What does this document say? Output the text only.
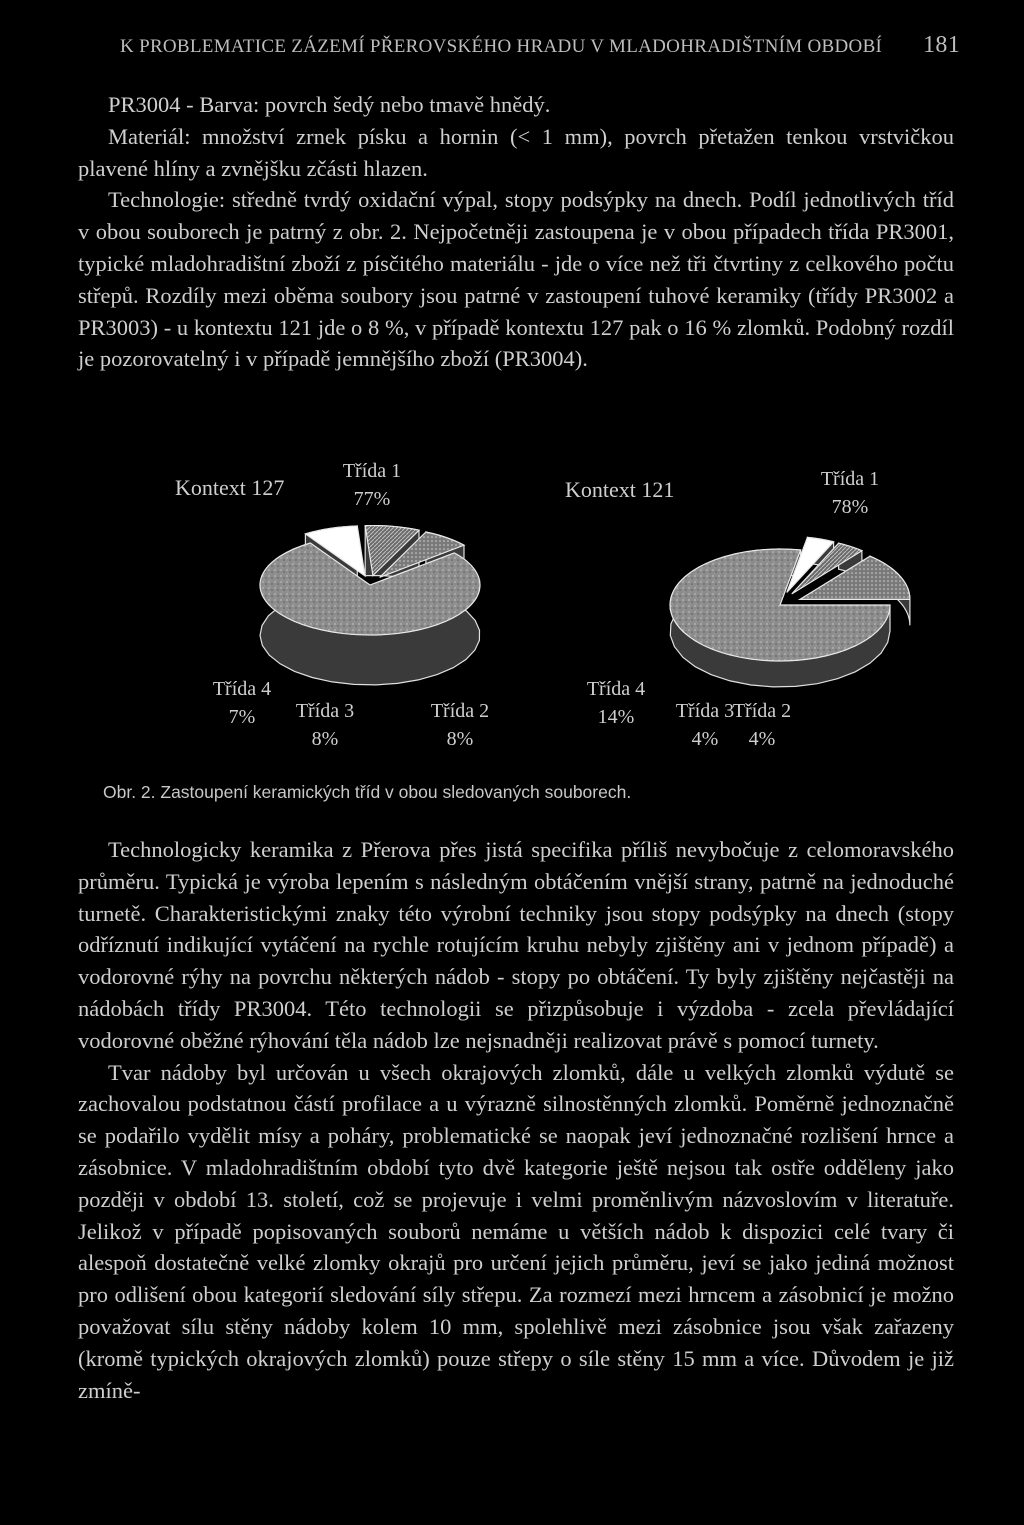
K PROBLEMATICE ZÁZEMÍ PŘEROVSKÉHO HRADU V MLADOHRADIŠTNÍM OBDOBÍ 181

PR3004 - Barva: povrch šedý nebo tmavě hnědý.

Materiál: množství zrnek písku a hornin (< 1 mm), povrch přetažen tenkou vrstvičkou plavené hlíny a zvnějšku zčásti hlazen.

Technologie: středně tvrdý oxidační výpal, stopy podsýpky na dnech. Podíl jednotlivých tříd v obou souborech je patrný z obr. 2. Nejpočetněji zastoupena je v obou případech třída PR3001, typické mladohradištní zboží z písčitého materiálu - jde o více než tři čtvrtiny z celkového počtu střepů. Rozdíly mezi oběma soubory jsou patrné v zastoupení tuhové keramiky (třídy PR3002 a PR3003) - u kontextu 121 jde o 8 %, v případě kontextu 127 pak o 16 % zlomků. Podobný rozdíl je pozorovatelný i v případě jemnějšího zboží (PR3004).

Kontext 127
Třída 1
77%
Třída 2
8%
Třída 3
8%
Třída 4
7%
Kontext 121	Třída 1
78%
Třída 2
4%
Třída 3
4%
Třída 4
14%
Obr. 2. Zastoupení keramických tříd v obou sledovaných souborech.

Technologicky keramika z Přerova přes jistá specifika příliš nevybočuje z celomoravského průměru. Typická je výroba lepením s následným obtáčením vnější strany, patrně na jednoduché turnetě. Charakteristickými znaky této výrobní techniky jsou stopy podsýpky na dnech (stopy odříznutí indikující vytáčení na rychle rotujícím kruhu nebyly zjištěny ani v jednom případě) a vodorovné rýhy na povrchu některých nádob - stopy po obtáčení. Ty byly zjištěny nejčastěji na nádobách třídy PR3004. Této technologii se přizpůsobuje i výzdoba - zcela převládající vodorovné oběžné rýhování těla nádob lze nejsnadněji realizovat právě s pomocí turnety.

Tvar nádoby byl určován u všech okrajových zlomků, dále u velkých zlomků výdutě se zachovalou podstatnou částí profilace a u výrazně silnostěnných zlomků. Poměrně jednoznačně se podařilo vydělit mísy a poháry, problematické se naopak jeví jednoznačné rozlišení hrnce a zásobnice. V mladohradištním období tyto dvě kategorie ještě nejsou tak ostře odděleny jako později v období 13. století, což se projevuje i velmi proměnlivým názvoslovím v literatuře. Jelikož v případě popisovaných souborů nemáme u větších nádob k dispozici celé tvary či alespoň dostatečně velké zlomky okrajů pro určení jejich průměru, jeví se jako jediná možnost pro odlišení obou kategorií sledování síly střepu. Za rozmezí mezi hrncem a zásobnicí je možno považovat sílu stěny nádoby kolem 10 mm, spolehlivě mezi zásobnice jsou však zařazeny (kromě typických okrajových zlomků) pouze střepy o síle stěny 15 mm a více. Důvodem je již zmíně-
